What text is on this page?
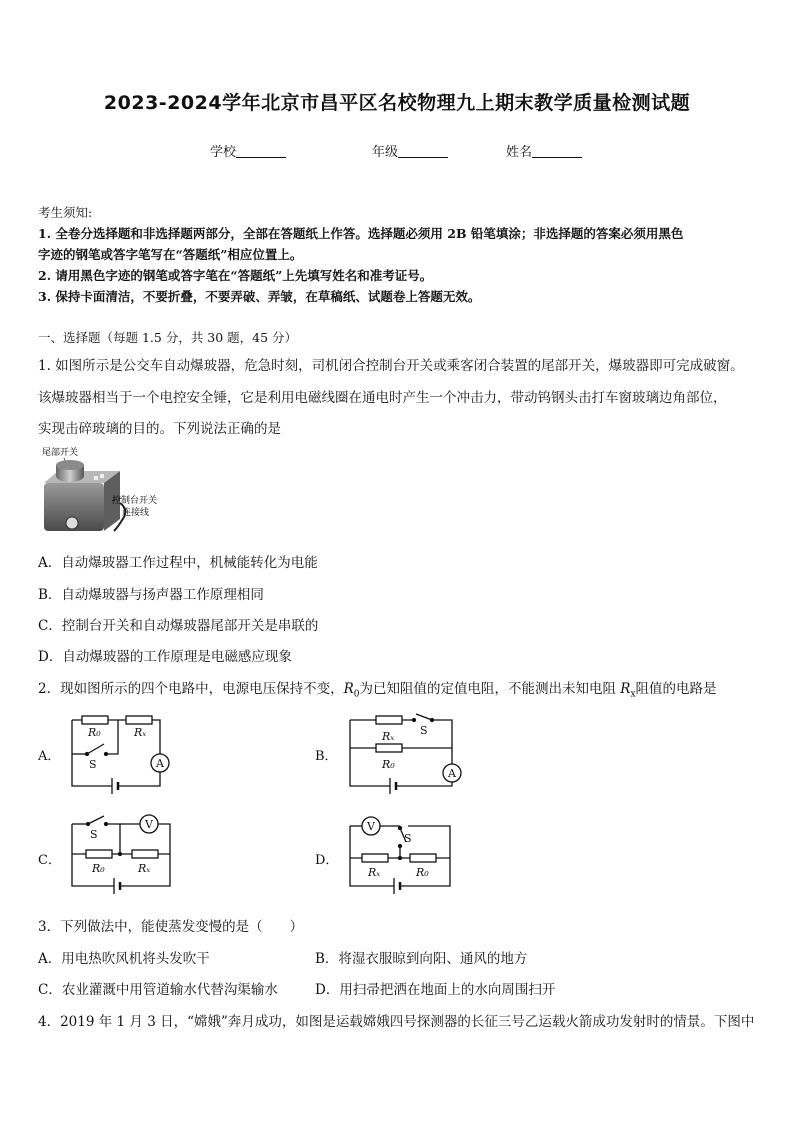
2023-2024学年北京市昌平区名校物理九上期末教学质量检测试题
学校	年级	姓名
考生须知:
1. 全卷分选择题和非选择题两部分，全部在答题纸上作答。选择题必须用 2B 铅笔填涂；非选择题的答案必须用黑色
字迹的钢笔或答字笔写在“答题纸”相应位置上。
2. 请用黑色字迹的钢笔或答字笔在“答题纸”上先填写姓名和准考证号。
3. 保持卡面清洁，不要折叠，不要弄破、弄皱，在草稿纸、试题卷上答题无效。
一、选择题（每题 1.5 分，共 30 题，45 分）
1. 如图所示是公交车自动爆玻器，危急时刻，司机闭合控制台开关或乘客闭合装置的尾部开关，爆玻器即可完成破窗。
该爆玻器相当于一个电控安全锤，它是利用电磁线圈在通电时产生一个冲击力，带动钨钢头击打车窗玻璃边角部位，
实现击碎玻璃的目的。下列说法正确的是
尾部开关
控制台开关
连接线
A．自动爆玻器工作过程中，机械能转化为电能
B．自动爆玻器与扬声器工作原理相同
C．控制台开关和自动爆玻器尾部开关是串联的
D．自动爆玻器的工作原理是电磁感应现象
2．现如图所示的四个电路中，电源电压保持不变，$R_0$为已知阻值的定值电阻，不能测出未知电阻 $R_x$阻值的电路是
A．	B．
C．	D．
A
R₀	Rₓ
S
A
S
Rₓ
R₀
V
S
R₀	Rₓ
V
S
Rₓ	R₀
3．下列做法中，能使蒸发变慢的是（　　）
A．用电热吹风机将头发吹干	B．将湿衣服晾到向阳、通风的地方
C．农业灌溉中用管道输水代替沟渠输水	D．用扫帚把洒在地面上的水向周围扫开
4．2019 年 1 月 3 日，“嫦娥”奔月成功，如图是运载嫦娥四号探测器的长征三号乙运载火箭成功发射时的情景。下图中
